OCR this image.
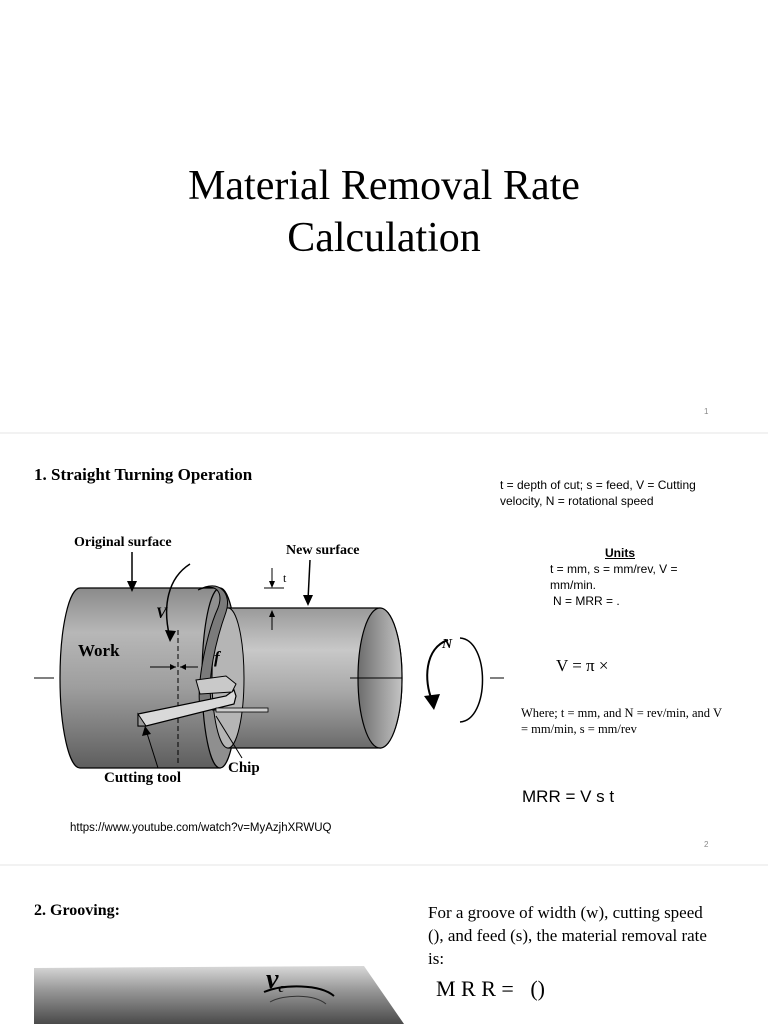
Material Removal Rate
Calculation
1
1. Straight Turning Operation
t = depth of cut; s = feed, V = Cutting velocity, N = rotational speed
Units
t = mm, s = mm/rev, V =
mm/min.
N = MRR = .
V = π ×
Where; t = mm, and N = rev/min, and V = mm/min, s = mm/rev
MRR = V s t
https://www.youtube.com/watch?v=MyAzjhXRWUQ
2
f
V
Original surface
New surface
t
Work
Cutting tool
Chip
N
2. Grooving:	For a groove of width (w), cutting speed (), and feed (s), the material removal rate is:
M R R =   ()
vc
